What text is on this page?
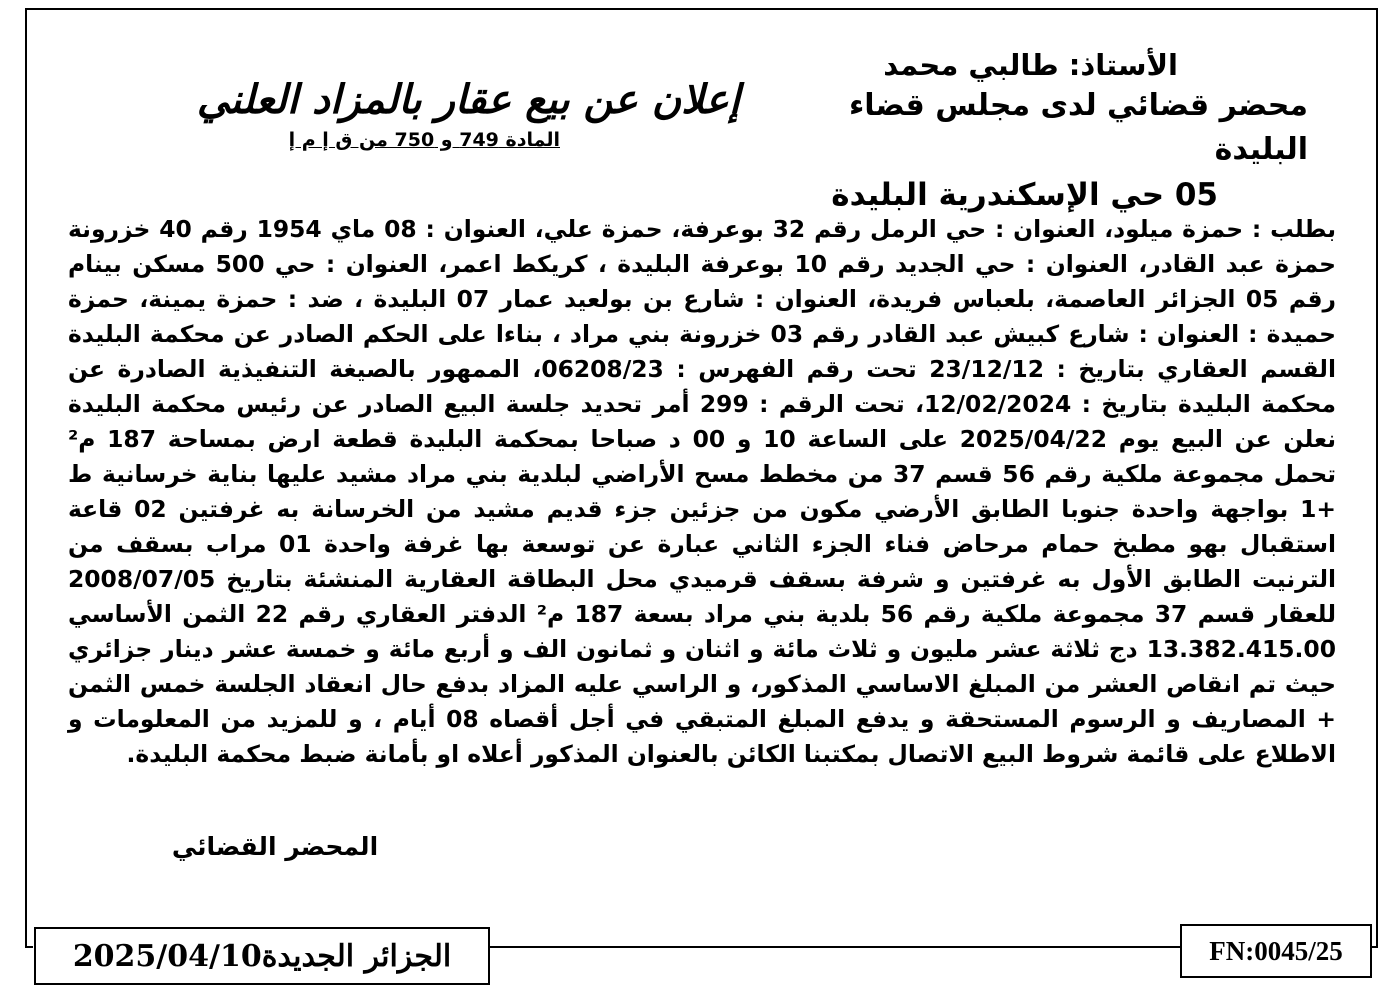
الأستاذ: طالبي محمد
محضر قضائي لدى مجلس قضاء البليدة
05 حي الإسكندرية البليدة
إعلان عن بيع عقار بالمزاد العلني
المادة 749 و 750 من ق إ م إ
بطلب : حمزة ميلود، العنوان : حي الرمل رقم 32 بوعرفة، حمزة علي، العنوان : 08 ماي 1954 رقم 40 خزرونة حمزة عبد القادر، العنوان : حي الجديد رقم 10 بوعرفة البليدة ، كريكط اعمر، العنوان : حي 500 مسكن بينام رقم 05 الجزائر العاصمة، بلعباس فريدة، العنوان : شارع بن بولعيد عمار 07 البليدة ، ضد : حمزة يمينة، حمزة حميدة : العنوان : شارع كبيش عبد القادر رقم 03 خزرونة بني مراد ، بناءا على الحكم الصادر عن محكمة البليدة القسم العقاري بتاريخ : 23/12/12 تحت رقم الفهرس : 06208/23، الممهور بالصيغة التنفيذية الصادرة عن محكمة البليدة بتاريخ : 12/02/2024، تحت الرقم : 299 أمر تحديد جلسة البيع الصادر عن رئيس محكمة البليدة نعلن عن البيع يوم 2025/04/22 على الساعة 10 و 00 د صباحا بمحكمة البليدة قطعة ارض بمساحة 187 م² تحمل مجموعة ملكية رقم 56 قسم 37 من مخطط مسح الأراضي لبلدية بني مراد مشيد عليها بناية خرسانية ط +1 بواجهة واحدة جنوبا الطابق الأرضي مكون من جزئين جزء قديم مشيد من الخرسانة به غرفتين 02 قاعة استقبال بهو مطبخ حمام مرحاض فناء الجزء الثاني عبارة عن توسعة بها غرفة واحدة 01 مراب بسقف من الترنيت الطابق الأول به غرفتين و شرفة بسقف قرميدي محل البطاقة العقارية المنشئة بتاريخ 2008/07/05 للعقار قسم 37 مجموعة ملكية رقم 56 بلدية بني مراد بسعة 187 م² الدفتر العقاري رقم 22 الثمن الأساسي 13.382.415.00 دج ثلاثة عشر مليون و ثلاث مائة و اثنان و ثمانون الف و أربع مائة و خمسة عشر دينار جزائري حيث تم انقاص العشر من المبلغ الاساسي المذكور، و الراسي عليه المزاد بدفع حال انعقاد الجلسة خمس الثمن + المصاريف و الرسوم المستحقة و يدفع المبلغ المتبقي في أجل أقصاه 08 أيام ، و للمزيد من المعلومات و الاطلاع على قائمة شروط البيع الاتصال بمكتبنا الكائن بالعنوان المذكور أعلاه او بأمانة ضبط محكمة البليدة.
المحضر القضائي
الجزائر الجديدة2025/04/10	FN:0045/25
